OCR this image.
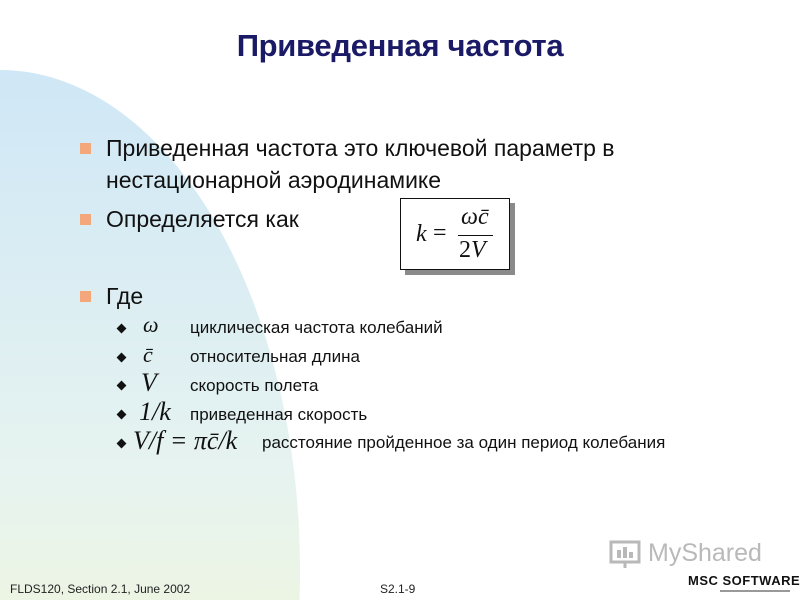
Приведенная частота
Приведенная частота это ключевой параметр в
нестационарной аэродинамике
Определяется как
k =
ωc̄
2V
Где
ω циклическая частота колебаний
c̄ относительная длина
V скорость полета
1/k приведенная скорость
V/f = πc̄/k расстояние пройденное за один период колебания
FLDS120, Section 2.1, June 2002	S2.1-9
MyShared
MSC SOFTWARE
